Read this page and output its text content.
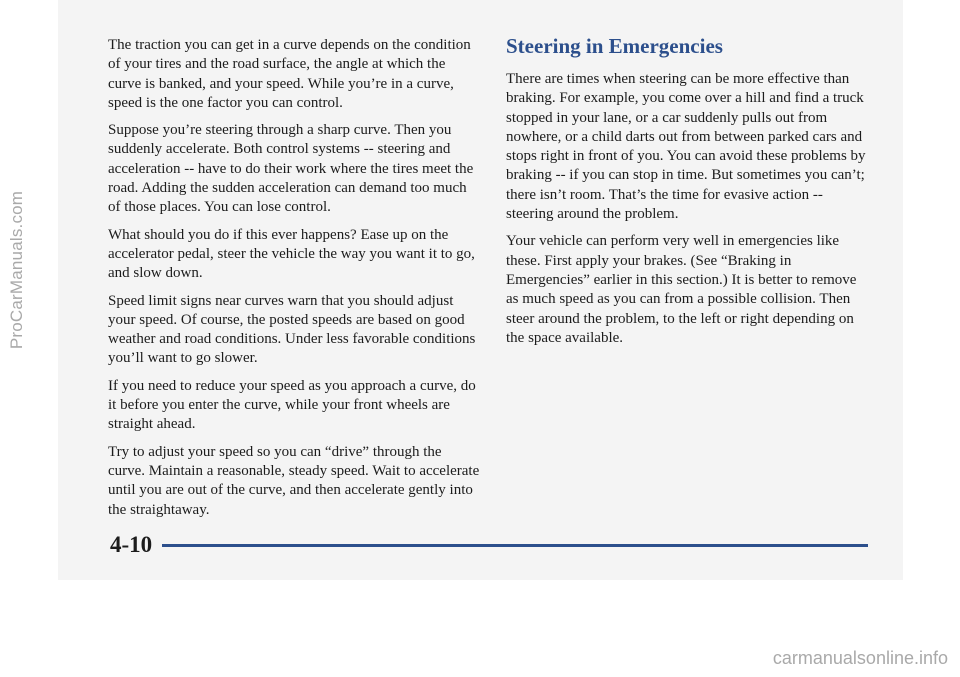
ProCarManuals.com

The traction you can get in a curve depends on the condition of your tires and the road surface, the angle at which the curve is banked, and your speed. While you’re in a curve, speed is the one factor you can control.

Suppose you’re steering through a sharp curve. Then you suddenly accelerate. Both control systems -- steering and acceleration -- have to do their work where the tires meet the road. Adding the sudden acceleration can demand too much of those places. You can lose control.

What should you do if this ever happens? Ease up on the accelerator pedal, steer the vehicle the way you want it to go, and slow down.

Speed limit signs near curves warn that you should adjust your speed. Of course, the posted speeds are based on good weather and road conditions. Under less favorable conditions you’ll want to go slower.

If you need to reduce your speed as you approach a curve, do it before you enter the curve, while your front wheels are straight ahead.

Try to adjust your speed so you can “drive” through the curve. Maintain a reasonable, steady speed. Wait to accelerate until you are out of the curve, and then accelerate gently into the straightaway.

Steering in Emergencies

There are times when steering can be more effective than braking. For example, you come over a hill and find a truck stopped in your lane, or a car suddenly pulls out from nowhere, or a child darts out from between parked cars and stops right in front of you. You can avoid these problems by braking -- if you can stop in time. But sometimes you can’t; there isn’t room. That’s the time for evasive action -- steering around the problem.

Your vehicle can perform very well in emergencies like these. First apply your brakes. (See “Braking in Emergencies” earlier in this section.) It is better to remove as much speed as you can from a possible collision. Then steer around the problem, to the left or right depending on the space available.

4-10
carmanualsonline.info
